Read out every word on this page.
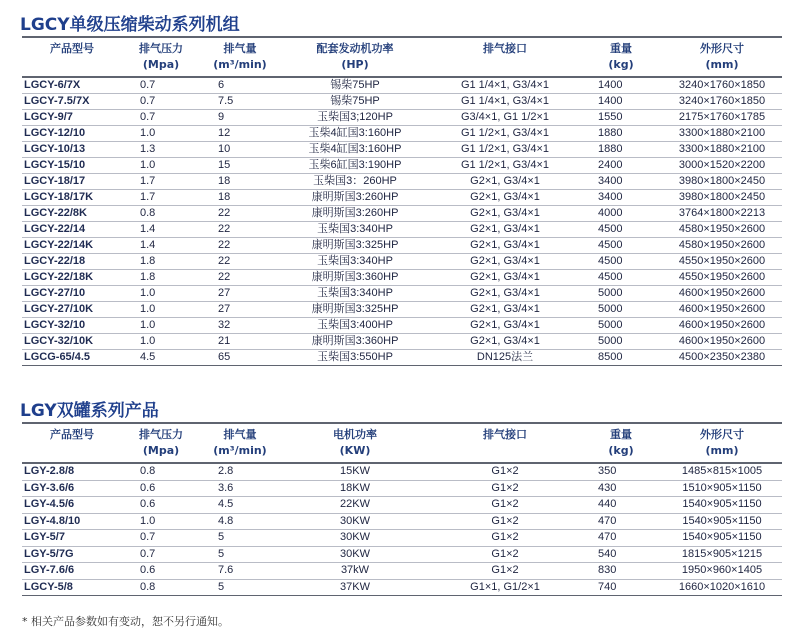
LGCY单级压缩柴动系列机组
产品型号	排气压力	排气量	配套发动机功率	排气接口	重量	外形尺寸
	(Mpa)	(m³/min)	(HP)		(kg)	(mm)
LGCY-6/7X	0.7	6	锡柴75HP	G1 1/4×1, G3/4×1	1400	3240×1760×1850
LGCY-7.5/7X	0.7	7.5	锡柴75HP	G1 1/4×1, G3/4×1	1400	3240×1760×1850
LGCY-9/7	0.7	9	玉柴国3;120HP	G3/4×1, G1 1/2×1	1550	2175×1760×1785
LGCY-12/10	1.0	12	玉柴4缸国3:160HP	G1 1/2×1, G3/4×1	1880	3300×1880×2100
LGCY-10/13	1.3	10	玉柴4缸国3:160HP	G1 1/2×1, G3/4×1	1880	3300×1880×2100
LGCY-15/10	1.0	15	玉柴6缸国3:190HP	G1 1/2×1, G3/4×1	2400	3000×1520×2200
LGCY-18/17	1.7	18	玉柴国3：260HP	G2×1, G3/4×1	3400	3980×1800×2450
LGCY-18/17K	1.7	18	康明斯国3:260HP	G2×1, G3/4×1	3400	3980×1800×2450
LGCY-22/8K	0.8	22	康明斯国3:260HP	G2×1, G3/4×1	4000	3764×1800×2213
LGCY-22/14	1.4	22	玉柴国3:340HP	G2×1, G3/4×1	4500	4580×1950×2600
LGCY-22/14K	1.4	22	康明斯国3:325HP	G2×1, G3/4×1	4500	4580×1950×2600
LGCY-22/18	1.8	22	玉柴国3:340HP	G2×1, G3/4×1	4500	4550×1950×2600
LGCY-22/18K	1.8	22	康明斯国3:360HP	G2×1, G3/4×1	4500	4550×1950×2600
LGCY-27/10	1.0	27	玉柴国3:340HP	G2×1, G3/4×1	5000	4600×1950×2600
LGCY-27/10K	1.0	27	康明斯国3:325HP	G2×1, G3/4×1	5000	4600×1950×2600
LGCY-32/10	1.0	32	玉柴国3:400HP	G2×1, G3/4×1	5000	4600×1950×2600
LGCY-32/10K	1.0	21	康明斯国3:360HP	G2×1, G3/4×1	5000	4600×1950×2600
LGCG-65/4.5	4.5	65	玉柴国3:550HP	DN125法兰	8500	4500×2350×2380
LGY双罐系列产品
产品型号	排气压力	排气量	电机功率	排气接口	重量	外形尺寸
	(Mpa)	(m³/min)	(KW)		(kg)	(mm)
LGY-2.8/8	0.8	2.8	15KW	G1×2	350	1485×815×1005
LGY-3.6/6	0.6	3.6	18KW	G1×2	430	1510×905×1150
LGY-4.5/6	0.6	4.5	22KW	G1×2	440	1540×905×1150
LGY-4.8/10	1.0	4.8	30KW	G1×2	470	1540×905×1150
LGY-5/7	0.7	5	30KW	G1×2	470	1540×905×1150
LGY-5/7G	0.7	5	30KW	G1×2	540	1815×905×1215
LGY-7.6/6	0.6	7.6	37kW	G1×2	830	1950×960×1405
LGCY-5/8	0.8	5	37KW	G1×1, G1/2×1	740	1660×1020×1610

* 相关产品参数如有变动，恕不另行通知。
